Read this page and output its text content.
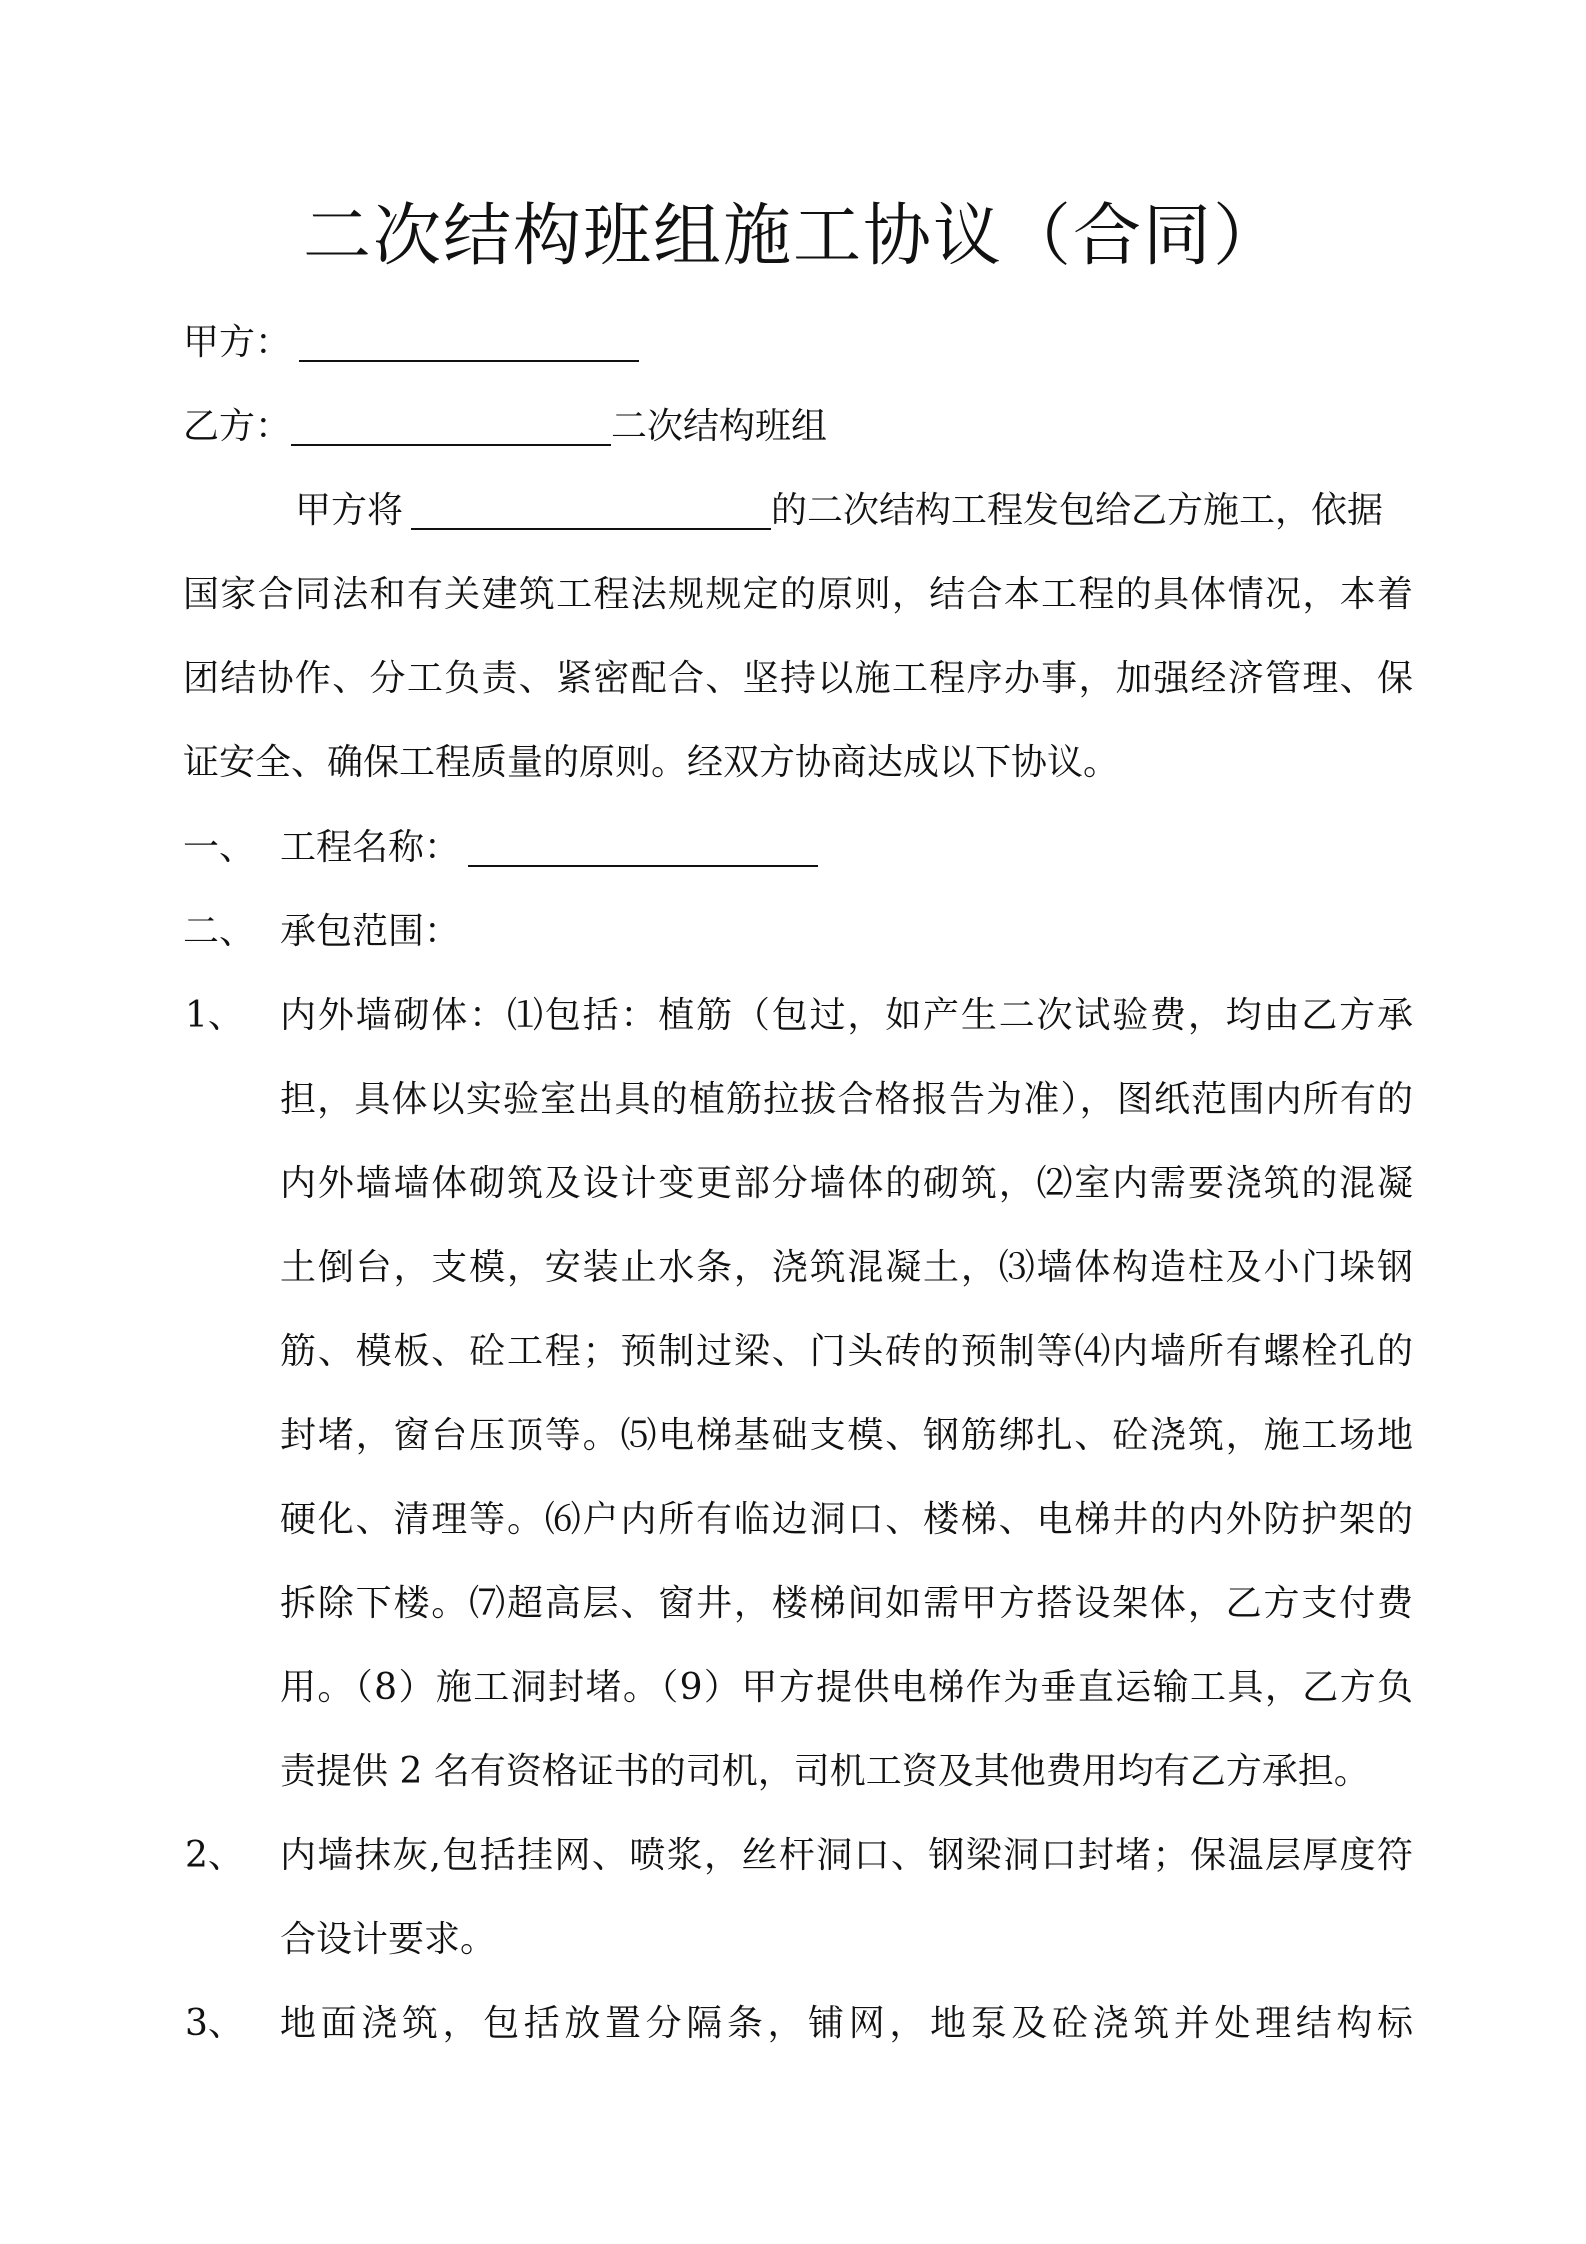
二次结构班组施工协议（合同）
甲方：
乙方：	二次结构班组
甲方将	的二次结构工程发包给乙方施工，依据
国家合同法和有关建筑工程法规规定的原则，结合本工程的具体情况，本着
团结协作、分工负责、紧密配合、坚持以施工程序办事，加强经济管理、保
证安全、确保工程质量的原则。经双方协商达成以下协议。
一、 工程名称：
二、 承包范围：
1、 内外墙砌体：⑴包括：植筋（包过，如产生二次试验费，均由乙方承
担，具体以实验室出具的植筋拉拔合格报告为准），图纸范围内所有的
内外墙墙体砌筑及设计变更部分墙体的砌筑，⑵室内需要浇筑的混凝
土倒台，支模，安装止水条，浇筑混凝土，⑶墙体构造柱及小门垛钢
筋、模板、砼工程；预制过梁、门头砖的预制等⑷内墙所有螺栓孔的
封堵，窗台压顶等。⑸电梯基础支模、钢筋绑扎、砼浇筑，施工场地
硬化、清理等。⑹户内所有临边洞口、楼梯、电梯井的内外防护架的
拆除下楼。⑺超高层、窗井，楼梯间如需甲方搭设架体，乙方支付费
用。（8）施工洞封堵。（9）甲方提供电梯作为垂直运输工具，乙方负
责提供 2 名有资格证书的司机，司机工资及其他费用均有乙方承担。
2、 内墙抹灰,包括挂网、喷浆，丝杆洞口、钢梁洞口封堵；保温层厚度符
合设计要求。
3、 地面浇筑，包括放置分隔条，铺网，地泵及砼浇筑并处理结构标
